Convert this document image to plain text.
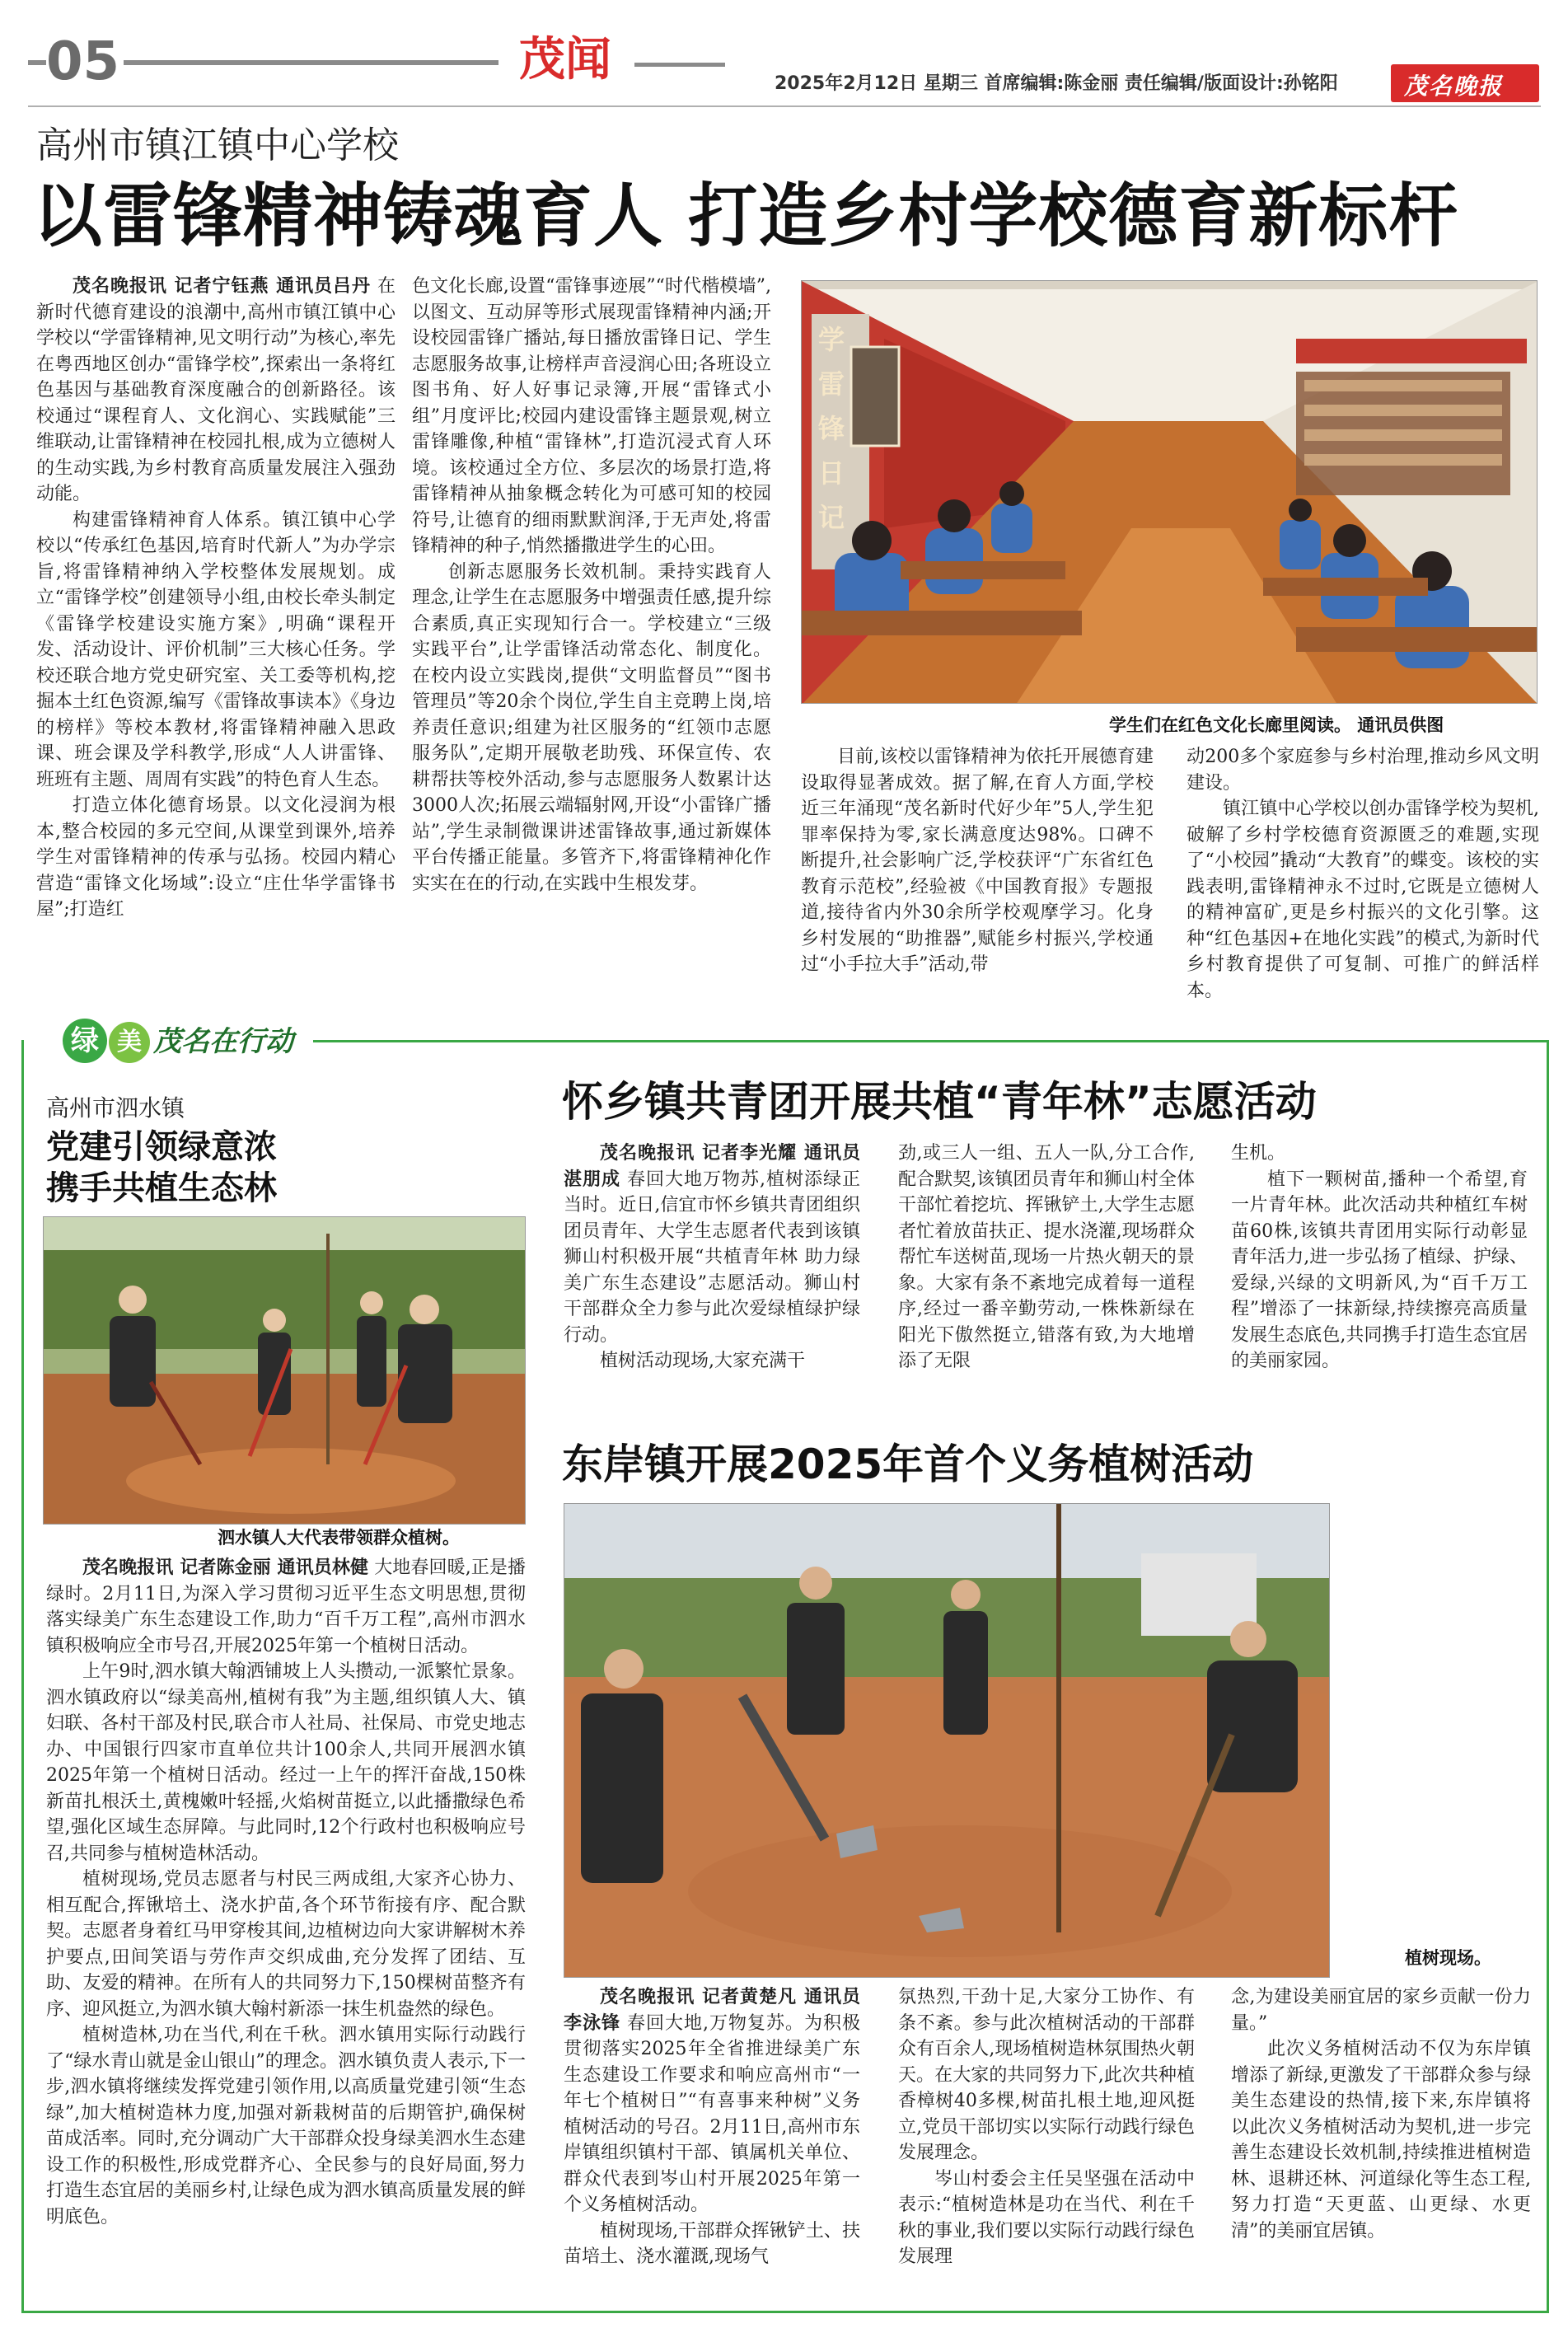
05	茂闻	2025年2月12日 星期三 首席编辑:陈金丽 责任编辑/版面设计:孙铭阳	茂名晚报
高州市镇江镇中心学校
以雷锋精神铸魂育人 打造乡村学校德育新标杆

茂名晚报讯 记者宁钰燕 通讯员吕丹 在新时代德育建设的浪潮中,高州市镇江镇中心学校以“学雷锋精神,见文明行动”为核心,率先在粤西地区创办“雷锋学校”,探索出一条将红色基因与基础教育深度融合的创新路径。该校通过“课程育人、文化润心、实践赋能”三维联动,让雷锋精神在校园扎根,成为立德树人的生动实践,为乡村教育高质量发展注入强劲动能。

构建雷锋精神育人体系。镇江镇中心学校以“传承红色基因,培育时代新人”为办学宗旨,将雷锋精神纳入学校整体发展规划。成立“雷锋学校”创建领导小组,由校长牵头制定《雷锋学校建设实施方案》,明确“课程开发、活动设计、评价机制”三大核心任务。学校还联合地方党史研究室、关工委等机构,挖掘本土红色资源,编写《雷锋故事读本》《身边的榜样》等校本教材,将雷锋精神融入思政课、班会课及学科教学,形成“人人讲雷锋、班班有主题、周周有实践”的特色育人生态。

打造立体化德育场景。以文化浸润为根本,整合校园的多元空间,从课堂到课外,培养学生对雷锋精神的传承与弘扬。校园内精心营造“雷锋文化场域”:设立“庄仕华学雷锋书屋”;打造红

色文化长廊,设置“雷锋事迹展”“时代楷模墙”,以图文、互动屏等形式展现雷锋精神内涵;开设校园雷锋广播站,每日播放雷锋日记、学生志愿服务故事,让榜样声音浸润心田;各班设立图书角、好人好事记录簿,开展“雷锋式小组”月度评比;校园内建设雷锋主题景观,树立雷锋雕像,种植“雷锋林”,打造沉浸式育人环境。该校通过全方位、多层次的场景打造,将雷锋精神从抽象概念转化为可感可知的校园符号,让德育的细雨默默润泽,于无声处,将雷锋精神的种子,悄然播撒进学生的心田。

创新志愿服务长效机制。秉持实践育人理念,让学生在志愿服务中增强责任感,提升综合素质,真正实现知行合一。学校建立“三级实践平台”,让学雷锋活动常态化、制度化。在校内设立实践岗,提供“文明监督员”“图书管理员”等20余个岗位,学生自主竞聘上岗,培养责任意识;组建为社区服务的“红领巾志愿服务队”,定期开展敬老助残、环保宣传、农耕帮扶等校外活动,参与志愿服务人数累计达3000人次;拓展云端辐射网,开设“小雷锋广播站”,学生录制微课讲述雷锋故事,通过新媒体平台传播正能量。多管齐下,将雷锋精神化作实实在在的行动,在实践中生根发芽。

学
雷
锋
日
记
学生们在红色文化长廊里阅读。 通讯员供图

目前,该校以雷锋精神为依托开展德育建设取得显著成效。据了解,在育人方面,学校近三年涌现“茂名新时代好少年”5人,学生犯罪率保持为零,家长满意度达98%。口碑不断提升,社会影响广泛,学校获评“广东省红色教育示范校”,经验被《中国教育报》专题报道,接待省内外30余所学校观摩学习。化身乡村发展的“助推器”,赋能乡村振兴,学校通过“小手拉大手”活动,带

动200多个家庭参与乡村治理,推动乡风文明建设。

镇江镇中心学校以创办雷锋学校为契机,破解了乡村学校德育资源匮乏的难题,实现了“小校园”撬动“大教育”的蝶变。该校的实践表明,雷锋精神永不过时,它既是立德树人的精神富矿,更是乡村振兴的文化引擎。这种“红色基因+在地化实践”的模式,为新时代乡村教育提供了可复制、可推广的鲜活样本。

绿 美 茂名在行动
高州市泗水镇
党建引领绿意浓
携手共植生态林
泗水镇人大代表带领群众植树。

茂名晚报讯 记者陈金丽 通讯员林健 大地春回暖,正是播绿时。2月11日,为深入学习贯彻习近平生态文明思想,贯彻落实绿美广东生态建设工作,助力“百千万工程”,高州市泗水镇积极响应全市号召,开展2025年第一个植树日活动。

上午9时,泗水镇大翰洒铺坡上人头攒动,一派繁忙景象。泗水镇政府以“绿美高州,植树有我”为主题,组织镇人大、镇妇联、各村干部及村民,联合市人社局、社保局、市党史地志办、中国银行四家市直单位共计100余人,共同开展泗水镇2025年第一个植树日活动。经过一上午的挥汗奋战,150株新苗扎根沃土,黄槐嫩叶轻摇,火焰树苗挺立,以此播撒绿色希望,强化区域生态屏障。与此同时,12个行政村也积极响应号召,共同参与植树造林活动。

植树现场,党员志愿者与村民三两成组,大家齐心协力、相互配合,挥锹培土、浇水护苗,各个环节衔接有序、配合默契。志愿者身着红马甲穿梭其间,边植树边向大家讲解树木养护要点,田间笑语与劳作声交织成曲,充分发挥了团结、互助、友爱的精神。在所有人的共同努力下,150棵树苗整齐有序、迎风挺立,为泗水镇大翰村新添一抹生机盎然的绿色。

植树造林,功在当代,利在千秋。泗水镇用实际行动践行了“绿水青山就是金山银山”的理念。泗水镇负责人表示,下一步,泗水镇将继续发挥党建引领作用,以高质量党建引领“生态绿”,加大植树造林力度,加强对新栽树苗的后期管护,确保树苗成活率。同时,充分调动广大干部群众投身绿美泗水生态建设工作的积极性,形成党群齐心、全民参与的良好局面,努力打造生态宜居的美丽乡村,让绿色成为泗水镇高质量发展的鲜明底色。

怀乡镇共青团开展共植“青年林”志愿活动

茂名晚报讯 记者李光耀 通讯员湛朋成 春回大地万物苏,植树添绿正当时。近日,信宜市怀乡镇共青团组织团员青年、大学生志愿者代表到该镇狮山村积极开展“共植青年林 助力绿美广东生态建设”志愿活动。狮山村干部群众全力参与此次爱绿植绿护绿行动。

植树活动现场,大家充满干

劲,或三人一组、五人一队,分工合作,配合默契,该镇团员青年和狮山村全体干部忙着挖坑、挥锹铲土,大学生志愿者忙着放苗扶正、提水浇灌,现场群众帮忙车送树苗,现场一片热火朝天的景象。大家有条不紊地完成着每一道程序,经过一番辛勤劳动,一株株新绿在阳光下傲然挺立,错落有致,为大地增添了无限

生机。

植下一颗树苗,播种一个希望,育一片青年林。此次活动共种植红车树苗60株,该镇共青团用实际行动彰显青年活力,进一步弘扬了植绿、护绿、爱绿,兴绿的文明新风,为“百千万工程”增添了一抹新绿,持续擦亮高质量发展生态底色,共同携手打造生态宜居的美丽家园。

东岸镇开展2025年首个义务植树活动
植树现场。

茂名晚报讯 记者黄楚凡 通讯员李泳锋 春回大地,万物复苏。为积极贯彻落实2025年全省推进绿美广东生态建设工作要求和响应高州市“一年七个植树日”“有喜事来种树”义务植树活动的号召。2月11日,高州市东岸镇组织镇村干部、镇属机关单位、群众代表到岑山村开展2025年第一个义务植树活动。

植树现场,干部群众挥锹铲土、扶苗培土、浇水灌溉,现场气

氛热烈,干劲十足,大家分工协作、有条不紊。参与此次植树活动的干部群众有百余人,现场植树造林氛围热火朝天。在大家的共同努力下,此次共种植香樟树40多棵,树苗扎根土地,迎风挺立,党员干部切实以实际行动践行绿色发展理念。

岑山村委会主任吴坚强在活动中表示:“植树造林是功在当代、利在千秋的事业,我们要以实际行动践行绿色发展理

念,为建设美丽宜居的家乡贡献一份力量。”

此次义务植树活动不仅为东岸镇增添了新绿,更激发了干部群众参与绿美生态建设的热情,接下来,东岸镇将以此次义务植树活动为契机,进一步完善生态建设长效机制,持续推进植树造林、退耕还林、河道绿化等生态工程,努力打造“天更蓝、山更绿、水更清”的美丽宜居镇。
